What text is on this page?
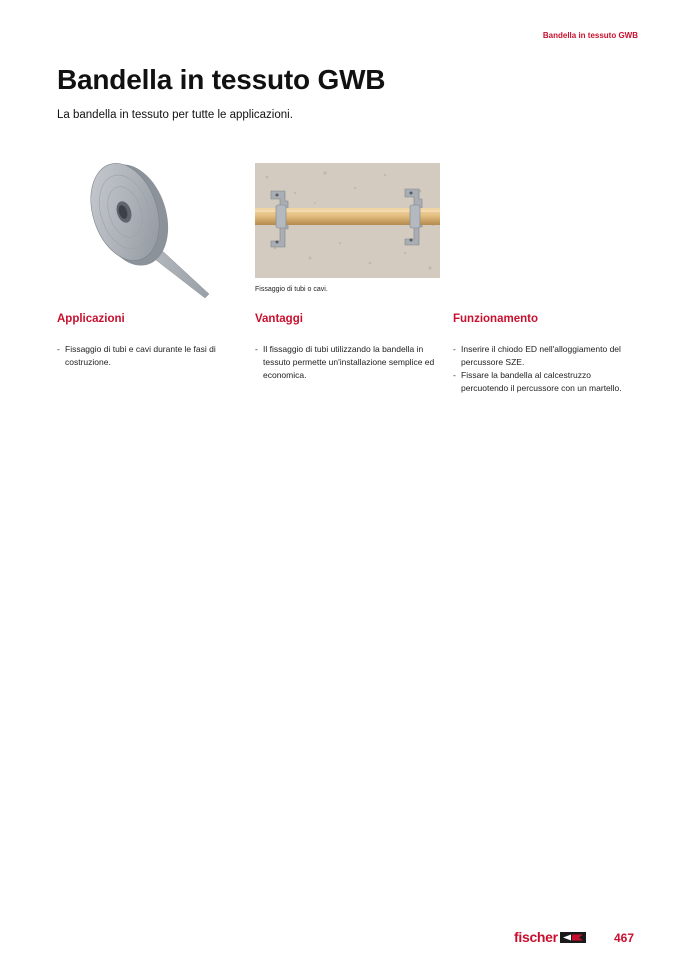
Bandella in tessuto GWB
Bandella in tessuto GWB
La bandella in tessuto per tutte le applicazioni.
Fissaggio di tubi o cavi.
Applicazioni
- Fissaggio di tubi e cavi durante le fasi di costruzione.
Vantaggi
- Il fissaggio di tubi utilizzando la bandella in tessuto permette un'installazione semplice ed economica.
Funzionamento
- Inserire il chiodo ED nell'alloggiamento del percussore SZE.
- Fissare la bandella al calcestruzzo percuotendo il percussore con un martello.
fischer	467
